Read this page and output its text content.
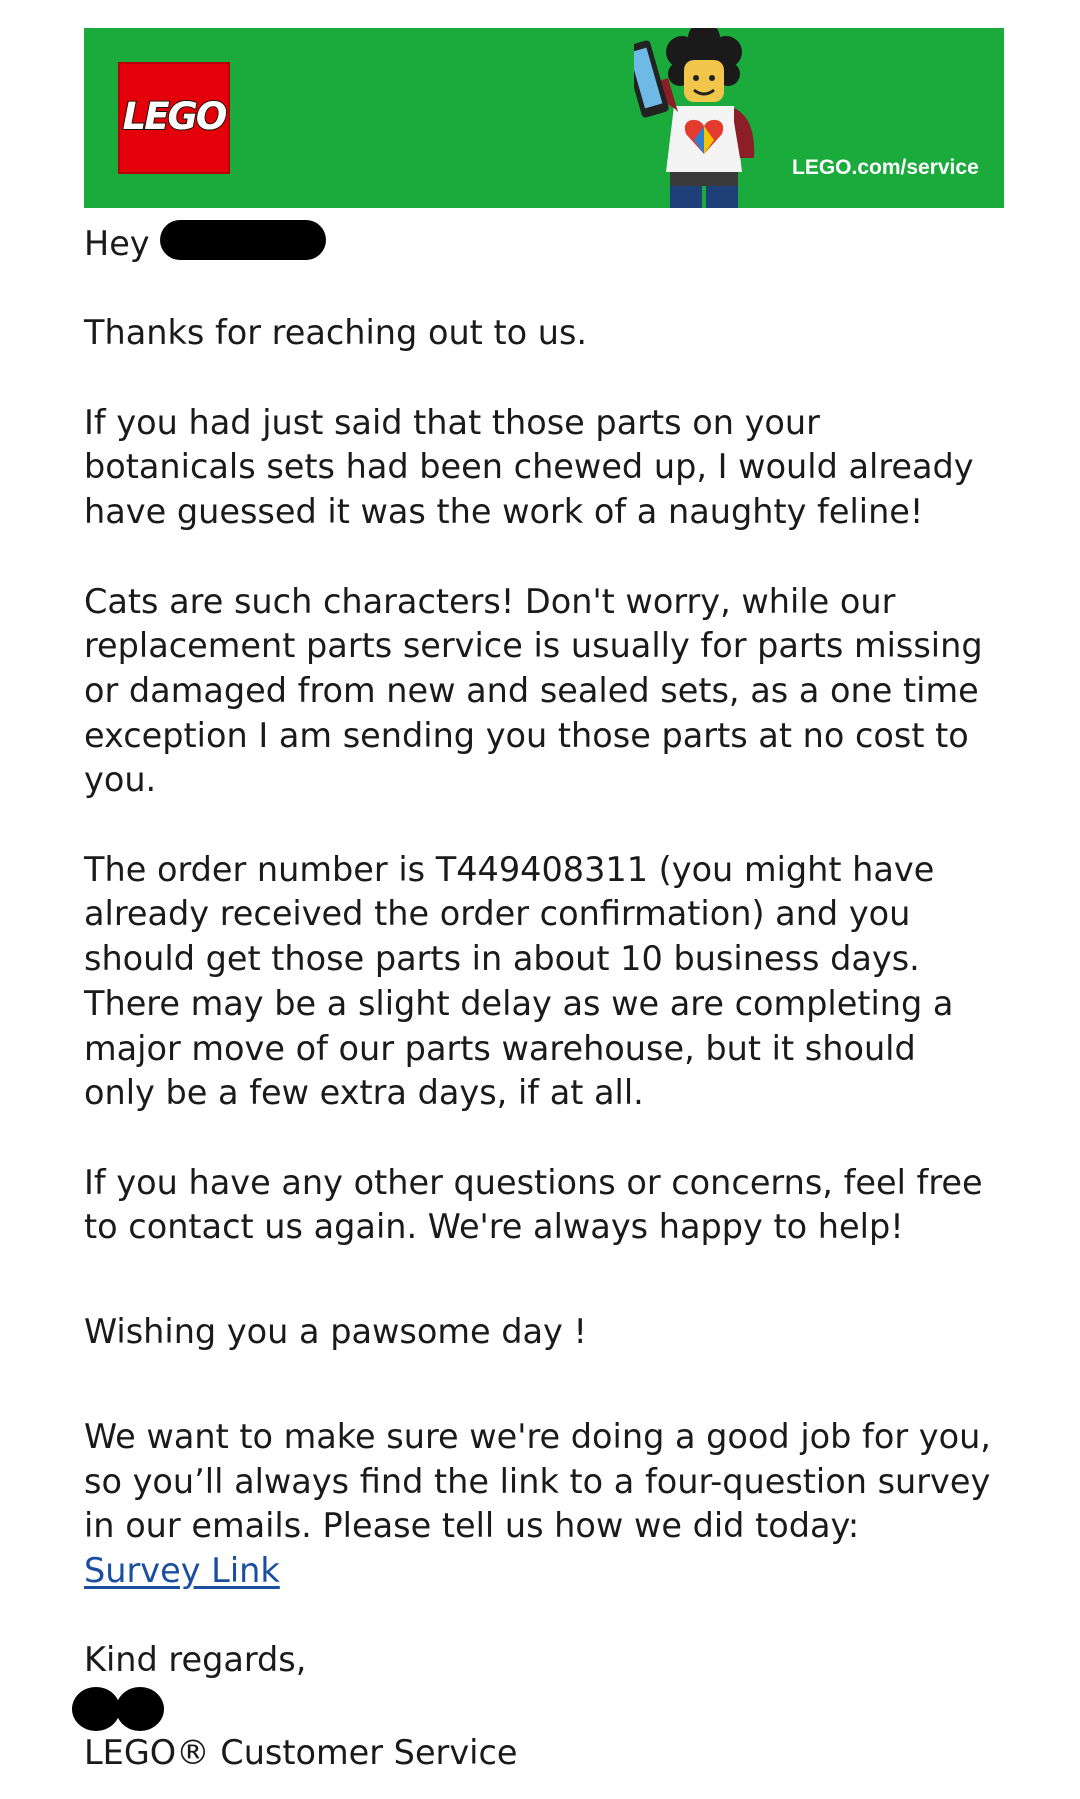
LEGO
LEGO.com/service

Hey

Thanks for reaching out to us.

If you had just said that those parts on your

botanicals sets had been chewed up, I would already

have guessed it was the work of a naughty feline!

Cats are such characters! Don't worry, while our

replacement parts service is usually for parts missing

or damaged from new and sealed sets, as a one time

exception I am sending you those parts at no cost to

you.

The order number is T449408311 (you might have

already received the order confirmation) and you

should get those parts in about 10 business days.

There may be a slight delay as we are completing a

major move of our parts warehouse, but it should

only be a few extra days, if at all.

If you have any other questions or concerns, feel free

to contact us again. We're always happy to help!

Wishing you a pawsome day !

We want to make sure we're doing a good job for you,

so you’ll always find the link to a four-question survey

in our emails. Please tell us how we did today:

Survey Link

Kind regards,

LEGO® Customer Service
